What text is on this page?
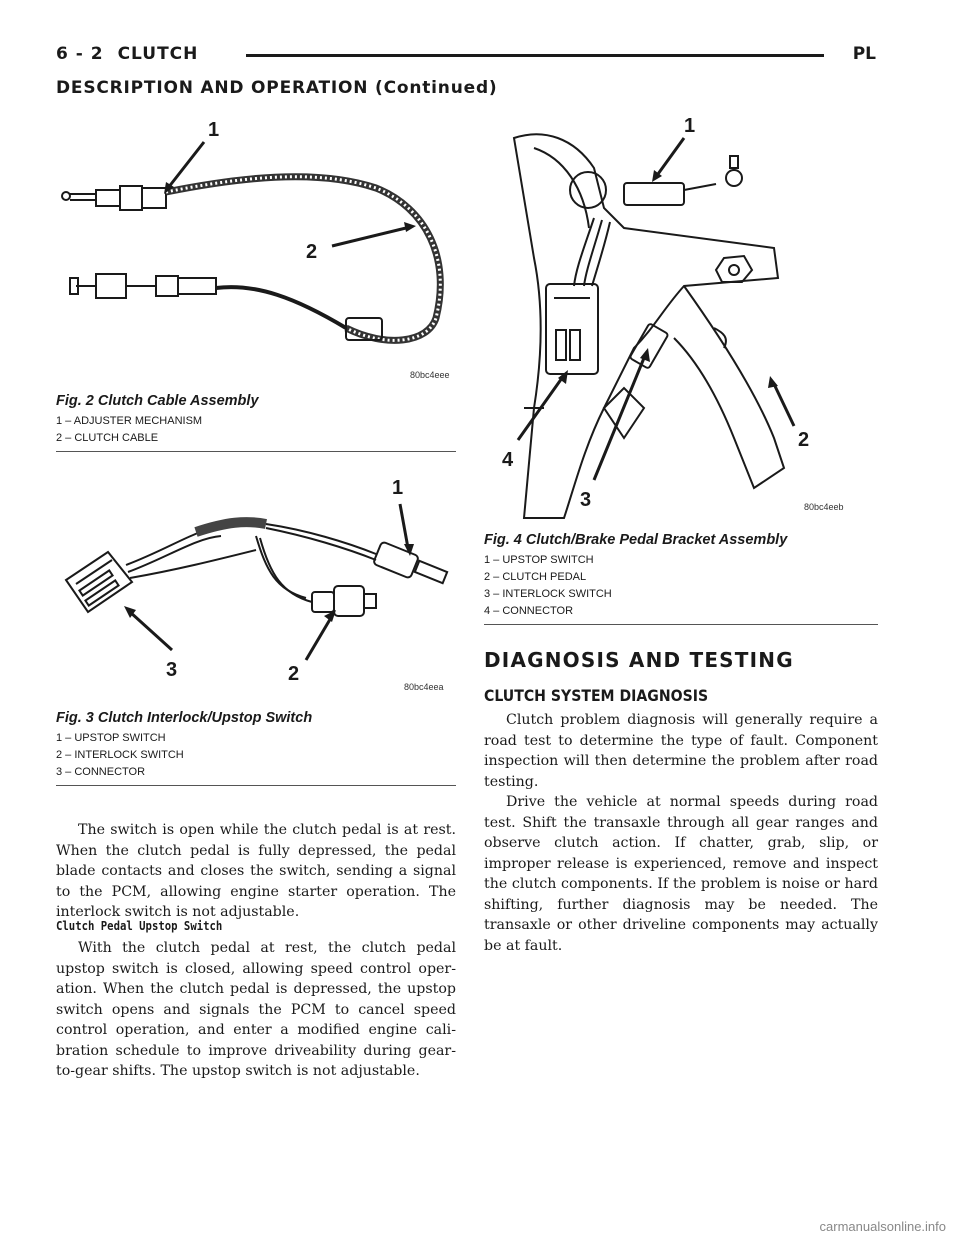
6 - 2 CLUTCH	PL
DESCRIPTION AND OPERATION (Continued)
1
2
80bc4eee
Fig. 2 Clutch Cable Assembly
1 – ADJUSTER MECHANISM
2 – CLUTCH CABLE
1
2
3
80bc4eea
Fig. 3 Clutch Interlock/Upstop Switch
1 – UPSTOP SWITCH
2 – INTERLOCK SWITCH
3 – CONNECTOR

The switch is open while the clutch pedal is at rest. When the clutch pedal is fully depressed, the pedal blade contacts and closes the switch, sending a signal to the PCM, allowing engine starter operation. The interlock switch is not adjustable.

Clutch Pedal Upstop Switch

With the clutch pedal at rest, the clutch pedal upstop switch is closed, allowing speed control oper- ation. When the clutch pedal is depressed, the upstop switch opens and signals the PCM to cancel speed control operation, and enter a modified engine cali- bration schedule to improve driveability during gear- to-gear shifts. The upstop switch is not adjustable.

1
2
3
4
80bc4eeb
Fig. 4 Clutch/Brake Pedal Bracket Assembly
1 – UPSTOP SWITCH
2 – CLUTCH PEDAL
3 – INTERLOCK SWITCH
4 – CONNECTOR
DIAGNOSIS AND TESTING
CLUTCH SYSTEM DIAGNOSIS

Clutch problem diagnosis will generally require a road test to determine the type of fault. Component inspection will then determine the problem after road testing.

Drive the vehicle at normal speeds during road test. Shift the transaxle through all gear ranges and observe clutch action. If chatter, grab, slip, or improper release is experienced, remove and inspect the clutch components. If the problem is noise or hard shifting, further diagnosis may be needed. The transaxle or other driveline components may actually be at fault.

carmanualsonline.info
